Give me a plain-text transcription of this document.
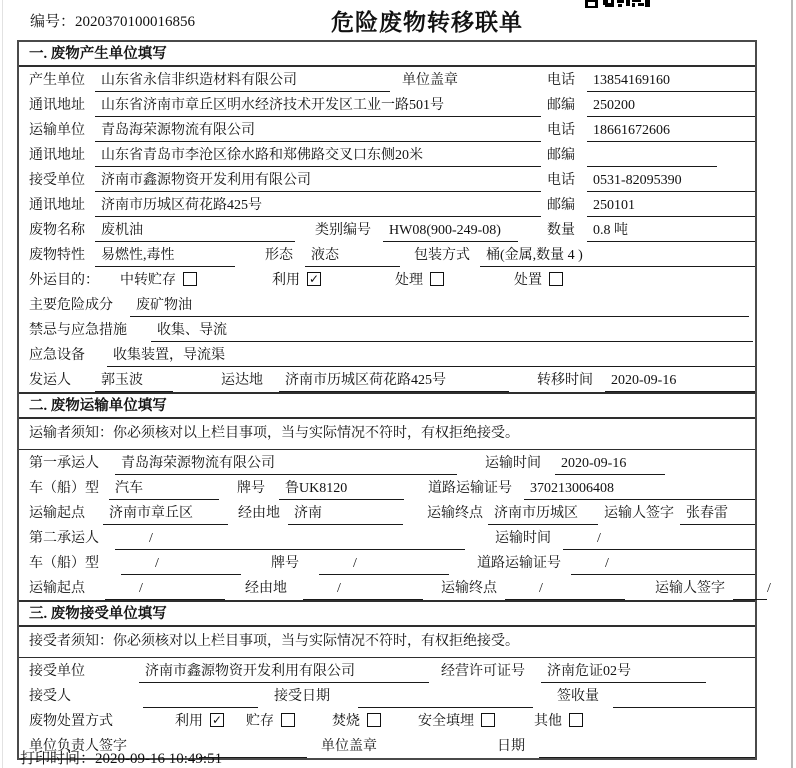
编号：2020370100016856	危险废物转移联单
一. 废物产生单位填写
产生单位	山东省永信非织造材料有限公司	单位盖章	电话	13854169160
通讯地址	山东省济南市章丘区明水经济技术开发区工业一路501号	邮编	250200
运输单位	青岛海荣源物流有限公司	电话	18661672606
通讯地址	山东省青岛市李沧区徐水路和郑佛路交叉口东侧20米	邮编
接受单位	济南市鑫源物资开发利用有限公司	电话	0531-82095390
通讯地址	济南市历城区荷花路425号	邮编	250101
废物名称	废机油	类别编号	HW08(900-249-08)	数量	0.8 吨
废物特性	易燃性,毒性	形态	液态	包装方式	桶(金属,数量 4 )
外运目的： 中转贮存	利用 ✓	处理	处置
主要危险成分	废矿物油
禁忌与应急措施	收集、导流
应急设备	收集装置，导流渠
发运人	郭玉波	运达地	济南市历城区荷花路425号	转移时间	2020-09-16
二. 废物运输单位填写
运输者须知：你必须核对以上栏目事项，当与实际情况不符时，有权拒绝接受。
第一承运人	青岛海荣源物流有限公司	运输时间	2020-09-16
车（船）型	汽车	牌号	鲁UK8120	道路运输证号	370213006408
运输起点	济南市章丘区	经由地	济南	运输终点 济南市历城区	运输人签字 张春雷
第二承运人	/	运输时间	/
车（船）型	/	牌号	/	道路运输证号	/
运输起点	/	经由地	/	运输终点	/	运输人签字	/
三. 废物接受单位填写
接受者须知：你必须核对以上栏目事项，当与实际情况不符时，有权拒绝接受。
接受单位	济南市鑫源物资开发利用有限公司	经营许可证号	济南危证02号
接受人	接受日期	签收量
废物处置方式	利用 ✓ 贮存	焚烧	安全填埋	其他
单位负责人签字	单位盖章	日期
打印时间：2020-09-16 10:49:51
